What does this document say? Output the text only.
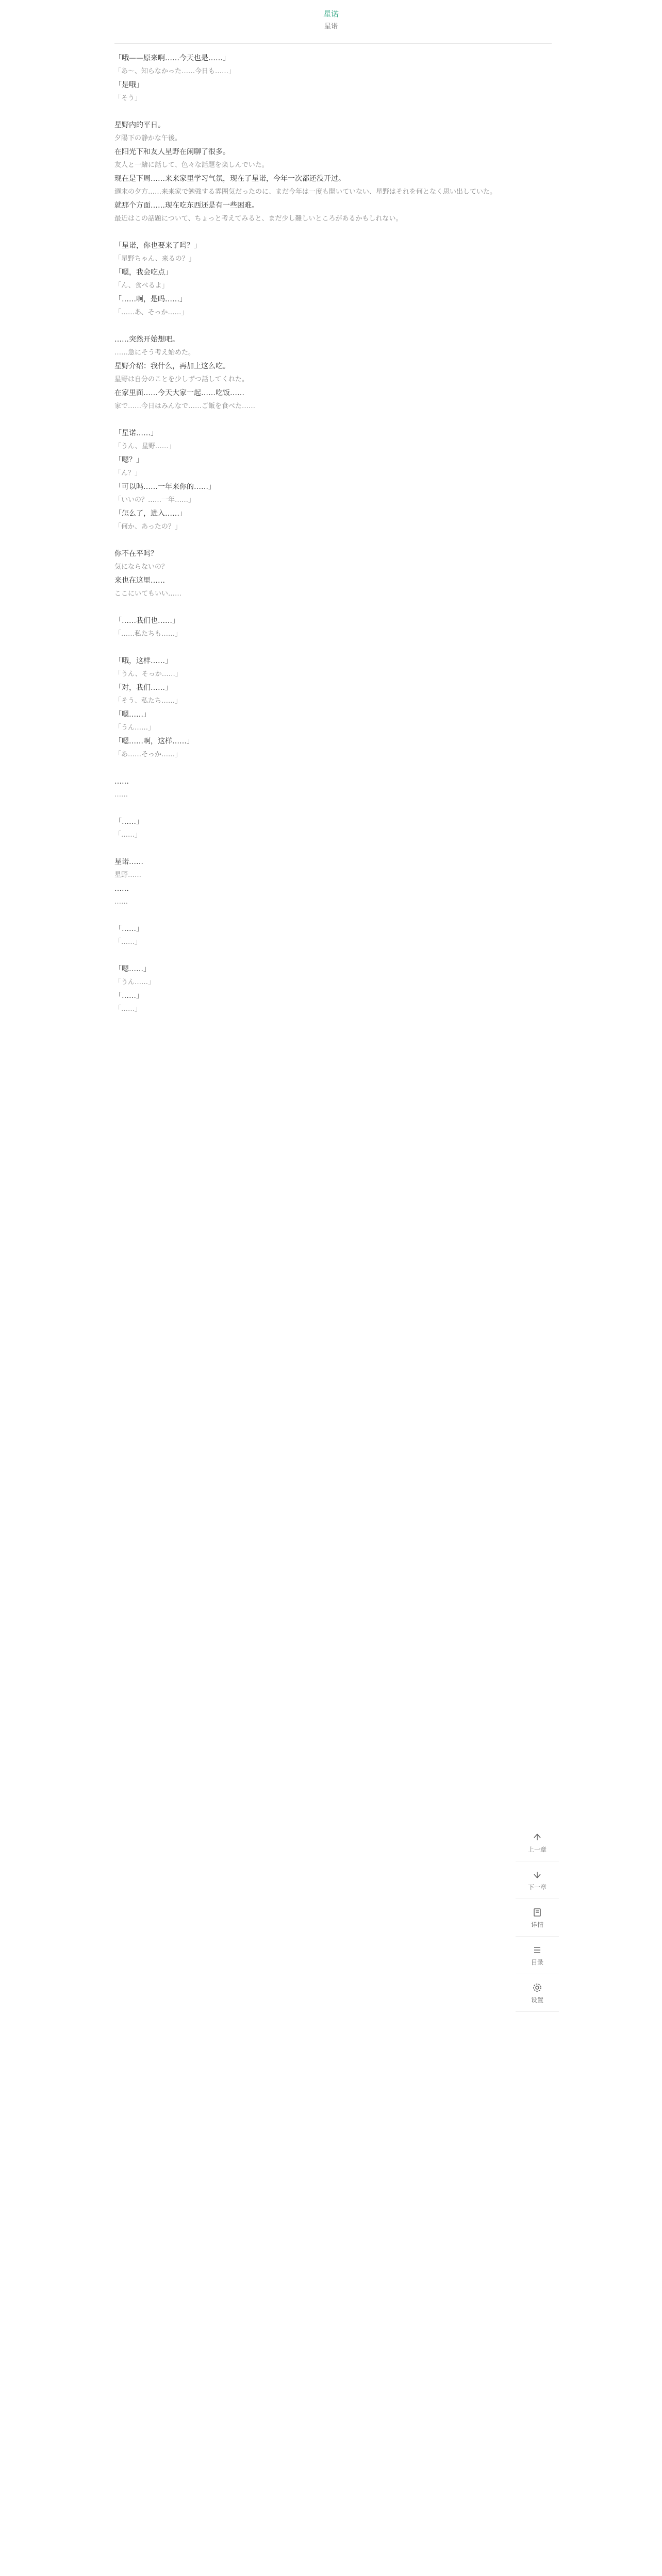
星诺
星诺

「哦——原来啊……今天也是……」

「あ～、知らなかった……今日も……」

「是哦」

「そう」

星野内的平日。

夕陽下の静かな午後。

在阳光下和友人星野在闲聊了很多。

友人と一緒に話して、色々な話題を楽しんでいた。

现在是下周……来来家里学习气氛，现在了星诺，今年一次都还没开过。

週末の夕方……来来家で勉強する雰囲気だったのに、まだ今年は一度も開いていない、星野はそれを何となく思い出していた。

就那个方面……现在吃东西还是有一些困难。

最近はこの話題について、ちょっと考えてみると、まだ少し難しいところがあるかもしれない。

「星诺，你也要来了吗？」

「星野ちゃん、来るの？」

「嗯，我会吃点」

「ん、食べるよ」

「……啊，是吗……」

「……あ、そっか……」

……突然开始想吧。

……急にそう考え始めた。

星野介绍：我什么，再加上这么吃。

星野は自分のことを少しずつ話してくれた。

在家里面……今天大家一起……吃饭……

家で……今日はみんなで……ご飯を食べた……

「星诺……」

「うん、星野……」

「嗯？」

「ん？」

「可以吗……一年来你的……」

「いいの？……一年……」

「怎么了，进入……」

「何か、あったの？」

你不在平吗？

気にならないの？

来也在这里……

ここにいてもいい……

「……我们也……」

「……私たちも……」

「哦，这样……」

「うん、そっか……」

「对，我们……」

「そう、私たち……」

「嗯……」

「うん……」

「嗯……啊，这样……」

「あ……そっか……」

……

……

「……」

「……」

星诺……

星野……

……

……

「……」

「……」

「嗯……」

「うん……」

「……」

「……」

上一章
下一章
详情
目录
设置
